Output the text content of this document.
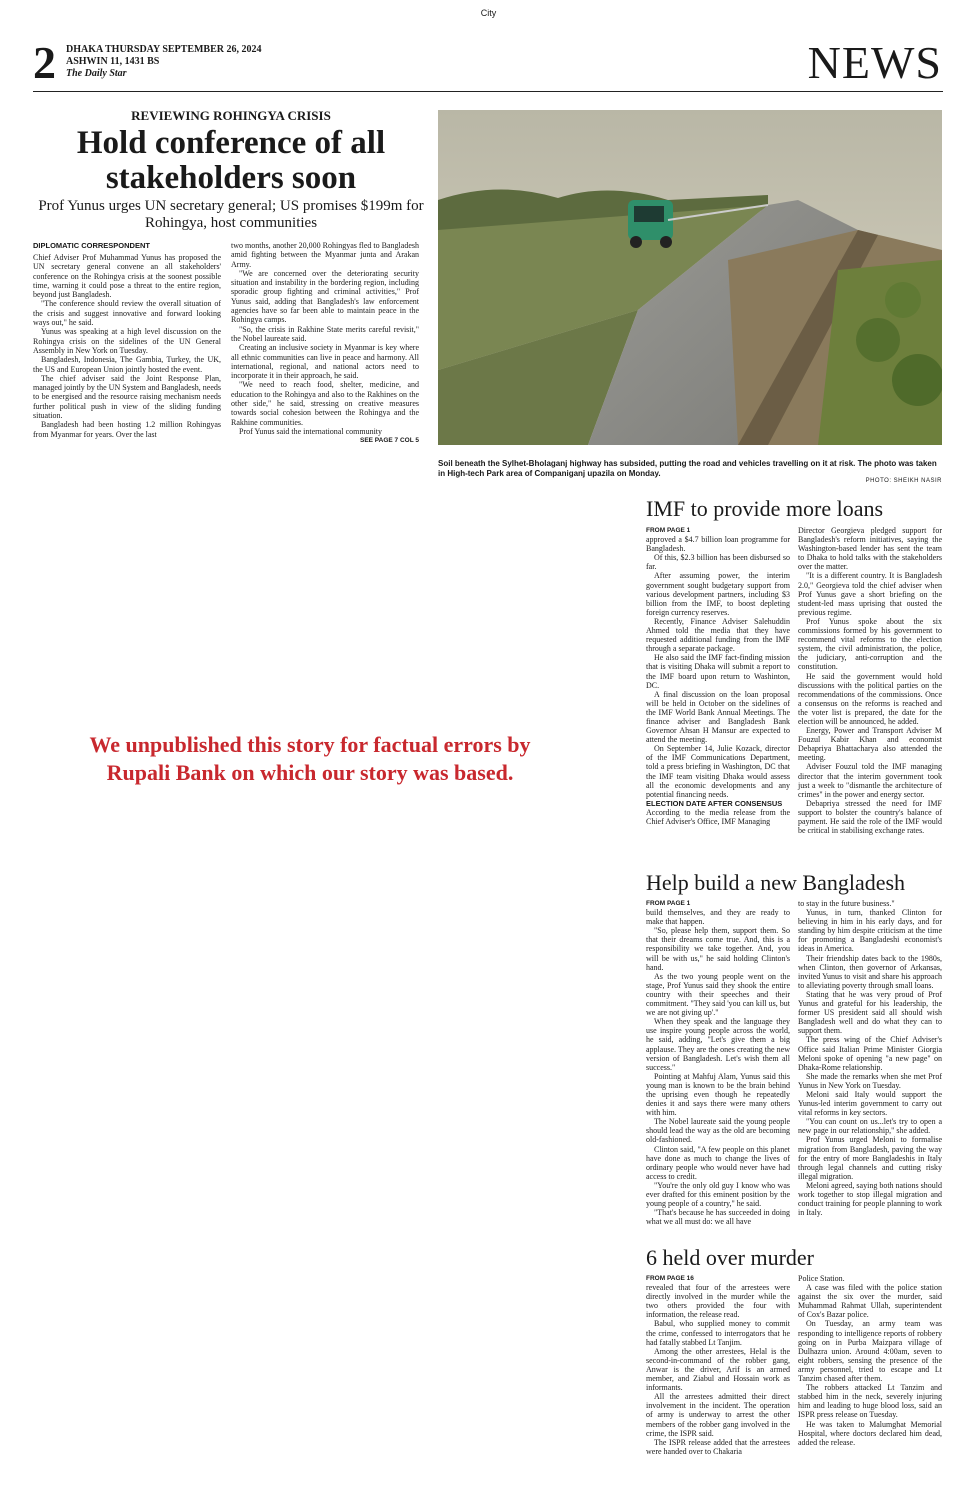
City
2 DHAKA THURSDAY SEPTEMBER 26, 2024
ASHWIN 11, 1431 BS
The Daily Star	NEWS
REVIEWING ROHINGYA CRISIS
Hold conference of all stakeholders soon
Prof Yunus urges UN secretary general; US promises $199m for Rohingya, host communities
DIPLOMATIC CORRESPONDENT

Chief Adviser Prof Muhammad Yunus has proposed the UN secretary general convene an all stakeholders' conference on the Rohingya crisis at the soonest possible time, warning it could pose a threat to the entire region, beyond just Bangladesh.

"The conference should review the overall situation of the crisis and suggest innovative and forward looking ways out," he said.

Yunus was speaking at a high level discussion on the Rohingya crisis on the sidelines of the UN General Assembly in New York on Tuesday.

Bangladesh, Indonesia, The Gambia, Turkey, the UK, the US and European Union jointly hosted the event.

The chief adviser said the Joint Response Plan, managed jointly by the UN System and Bangladesh, needs to be energised and the resource raising mechanism needs further political push in view of the sliding funding situation.

Bangladesh had been hosting 1.2 million Rohingyas from Myanmar for years. Over the last

two months, another 20,000 Rohingyas fled to Bangladesh amid fighting between the Myanmar junta and Arakan Army.

"We are concerned over the deteriorating security situation and instability in the bordering region, including sporadic group fighting and criminal activities," Prof Yunus said, adding that Bangladesh's law enforcement agencies have so far been able to maintain peace in the Rohingya camps.

"So, the crisis in Rakhine State merits careful revisit," the Nobel laureate said.

Creating an inclusive society in Myanmar is key where all ethnic communities can live in peace and harmony. All international, regional, and national actors need to incorporate it in their approach, he said.

"We need to reach food, shelter, medicine, and education to the Rohingya and also to the Rakhines on the other side," he said, stressing on creative measures towards social cohesion between the Rohingya and the Rakhine communities.

Prof Yunus said the international community

SEE PAGE 7 COL 5
Soil beneath the Sylhet-Bholaganj highway has subsided, putting the road and vehicles travelling on it at risk. The photo was taken in High-tech Park area of Companiganj upazila on Monday.
PHOTO: SHEIKH NASIR
We unpublished this story for factual errors by Rupali Bank on which our story was based.
IMF to provide more loans
FROM PAGE 1

approved a $4.7 billion loan programme for Bangladesh.

Of this, $2.3 billion has been disbursed so far.

After assuming power, the interim government sought budgetary support from various development partners, including $3 billion from the IMF, to boost depleting foreign currency reserves.

Recently, Finance Adviser Salehuddin Ahmed told the media that they have requested additional funding from the IMF through a separate package.

He also said the IMF fact-finding mission that is visiting Dhaka will submit a report to the IMF board upon return to Washinton, DC.

A final discussion on the loan proposal will be held in October on the sidelines of the IMF World Bank Annual Meetings. The finance adviser and Bangladesh Bank Governor Ahsan H Mansur are expected to attend the meeting.

On September 14, Julie Kozack, director of the IMF Communications Department, told a press briefing in Washington, DC that the IMF team visiting Dhaka would assess all the economic developments and any potential financing needs.

ELECTION DATE AFTER CONSENSUS

According to the media release from the Chief Adviser's Office, IMF Managing

Director Georgieva pledged support for Bangladesh's reform initiatives, saying the Washington-based lender has sent the team to Dhaka to hold talks with the stakeholders over the matter.

"It is a different country. It is Bangladesh 2.0," Georgieva told the chief adviser when Prof Yunus gave a short briefing on the student-led mass uprising that ousted the previous regime.

Prof Yunus spoke about the six commissions formed by his government to recommend vital reforms to the election system, the civil administration, the police, the judiciary, anti-corruption and the constitution.

He said the government would hold discussions with the political parties on the recommendations of the commissions. Once a consensus on the reforms is reached and the voter list is prepared, the date for the election will be announced, he added.

Energy, Power and Transport Adviser M Fouzul Kabir Khan and economist Debapriya Bhattacharya also attended the meeting.

Adviser Fouzul told the IMF managing director that the interim government took just a week to "dismantle the architecture of crimes" in the power and energy sector.

Debapriya stressed the need for IMF support to bolster the country's balance of payment. He said the role of the IMF would be critical in stabilising exchange rates.

Help build a new Bangladesh
FROM PAGE 1

build themselves, and they are ready to make that happen.

"So, please help them, support them. So that their dreams come true. And, this is a responsibility we take together. And, you will be with us," he said holding Clinton's hand.

As the two young people went on the stage, Prof Yunus said they shook the entire country with their speeches and their commitment. "They said 'you can kill us, but we are not giving up'."

When they speak and the language they use inspire young people across the world, he said, adding, "Let's give them a big applause. They are the ones creating the new version of Bangladesh. Let's wish them all success."

Pointing at Mahfuj Alam, Yunus said this young man is known to be the brain behind the uprising even though he repeatedly denies it and says there were many others with him.

The Nobel laureate said the young people should lead the way as the old are becoming old-fashioned.

Clinton said, "A few people on this planet have done as much to change the lives of ordinary people who would never have had access to credit.

"You're the only old guy I know who was ever drafted for this eminent position by the young people of a country," he said.

"That's because he has succeeded in doing what we all must do: we all have

to stay in the future business."

Yunus, in turn, thanked Clinton for believing in him in his early days, and for standing by him despite criticism at the time for promoting a Bangladeshi economist's ideas in America.

Their friendship dates back to the 1980s, when Clinton, then governor of Arkansas, invited Yunus to visit and share his approach to alleviating poverty through small loans.

Stating that he was very proud of Prof Yunus and grateful for his leadership, the former US president said all should wish Bangladesh well and do what they can to support them.

The press wing of the Chief Adviser's Office said Italian Prime Minister Giorgia Meloni spoke of opening "a new page" on Dhaka-Rome relationship.

She made the remarks when she met Prof Yunus in New York on Tuesday.

Meloni said Italy would support the Yunus-led interim government to carry out vital reforms in key sectors.

"You can count on us...let's try to open a new page in our relationship," she added.

Prof Yunus urged Meloni to formalise migration from Bangladesh, paving the way for the entry of more Bangladeshis in Italy through legal channels and cutting risky illegal migration.

Meloni agreed, saying both nations should work together to stop illegal migration and conduct training for people planning to work in Italy.

6 held over murder
FROM PAGE 16

revealed that four of the arrestees were directly involved in the murder while the two others provided the four with information, the release read.

Babul, who supplied money to commit the crime, confessed to interrogators that he had fatally stabbed Lt Tanjim.

Among the other arrestees, Helal is the second-in-command of the robber gang, Anwar is the driver, Arif is an armed member, and Ziabul and Hossain work as informants.

All the arrestees admitted their direct involvement in the incident. The operation of army is underway to arrest the other members of the robber gang involved in the crime, the ISPR said.

The ISPR release added that the arrestees were handed over to Chakaria

Police Station.

A case was filed with the police station against the six over the murder, said Muhammad Rahmat Ullah, superintendent of Cox's Bazar police.

On Tuesday, an army team was responding to intelligence reports of robbery going on in Purba Maizpara village of Dulhazra union. Around 4:00am, seven to eight robbers, sensing the presence of the army personnel, tried to escape and Lt Tanzim chased after them.

The robbers attacked Lt Tanzim and stabbed him in the neck, severely injuring him and leading to huge blood loss, said an ISPR press release on Tuesday.

He was taken to Malumghat Memorial Hospital, where doctors declared him dead, added the release.
